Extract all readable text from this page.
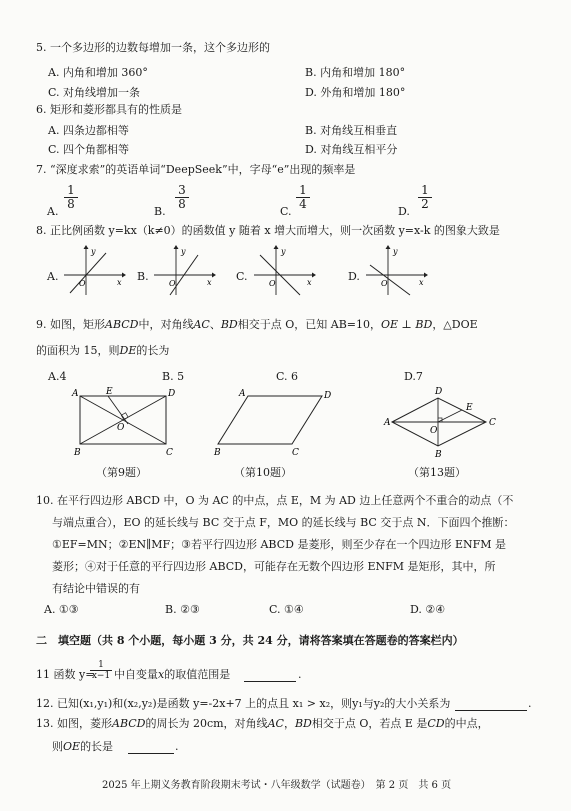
5. 一个多边形的边数每增加一条，这个多边形的
A. 内角和增加 360°	B. 内角和增加 180°
C. 对角线增加一条	D. 外角和增加 180°
6. 矩形和菱形都具有的性质是
A. 四条边都相等	B. 对角线互相垂直
C. 四个角都相等	D. 对角线互相平分
7. “深度求索”的英语单词“DeepSeek”中，字母“e”出现的频率是
A.
$\frac{1}{8}$
B.
$\frac{3}{8}$
C.
$\frac{1}{4}$
D.
$\frac{1}{2}$
8. 正比例函数 y=kx（k≠0）的函数值 y 随着 x 增大而增大，则一次函数 y=x-k 的图象大致是
A.
y
x
O
B.
y
x
O
C.
y
x
O
D.
y
x
O
9. 如图，矩形ABCD中，对角线AC、BD相交于点 O，已知 AB=10，OE ⊥ BD，△DOE
的面积为 15，则DE的长为
A.4	B. 5	C. 6	D.7
A	E	D
O
B	C
（第9题）
A	D
B	C
（第10题）
A
D
E
C
O
B
（第13题）
10. 在平行四边形 ABCD 中，O 为 AC 的中点，点 E，M 为 AD 边上任意两个不重合的动点（不
与端点重合），EO 的延长线与 BC 交于点 F，MO 的延长线与 BC 交于点 N．下面四个推断：
①EF=MN；②EN∥MF；③若平行四边形 ABCD 是菱形，则至少存在一个四边形 ENFM 是
菱形；④对于任意的平行四边形 ABCD，可能存在无数个四边形 ENFM 是矩形，其中，所
有结论中错误的有
A. ①③	B. ②③	C. ①④	D. ②④
二　填空题（共 8 个小题，每小题 3 分，共 24 分，请将答案填在答题卷的答案栏内）
11 函数 y=
$\frac{1}{x-1}$ 中自变量x的取值范围是	.
12. 已知(x₁,y₁)和(x₂,y₂)是函数 y=-2x+7 上的点且 x₁ > x₂，则y₁与y₂的大小关系为	.
13. 如图，菱形ABCD的周长为 20cm，对角线AC，BD相交于点 O，若点 E 是CD的中点，
则OE的长是	.
2025 年上期义务教育阶段期末考试・八年级数学（试题卷）　第 2 页　共 6 页
